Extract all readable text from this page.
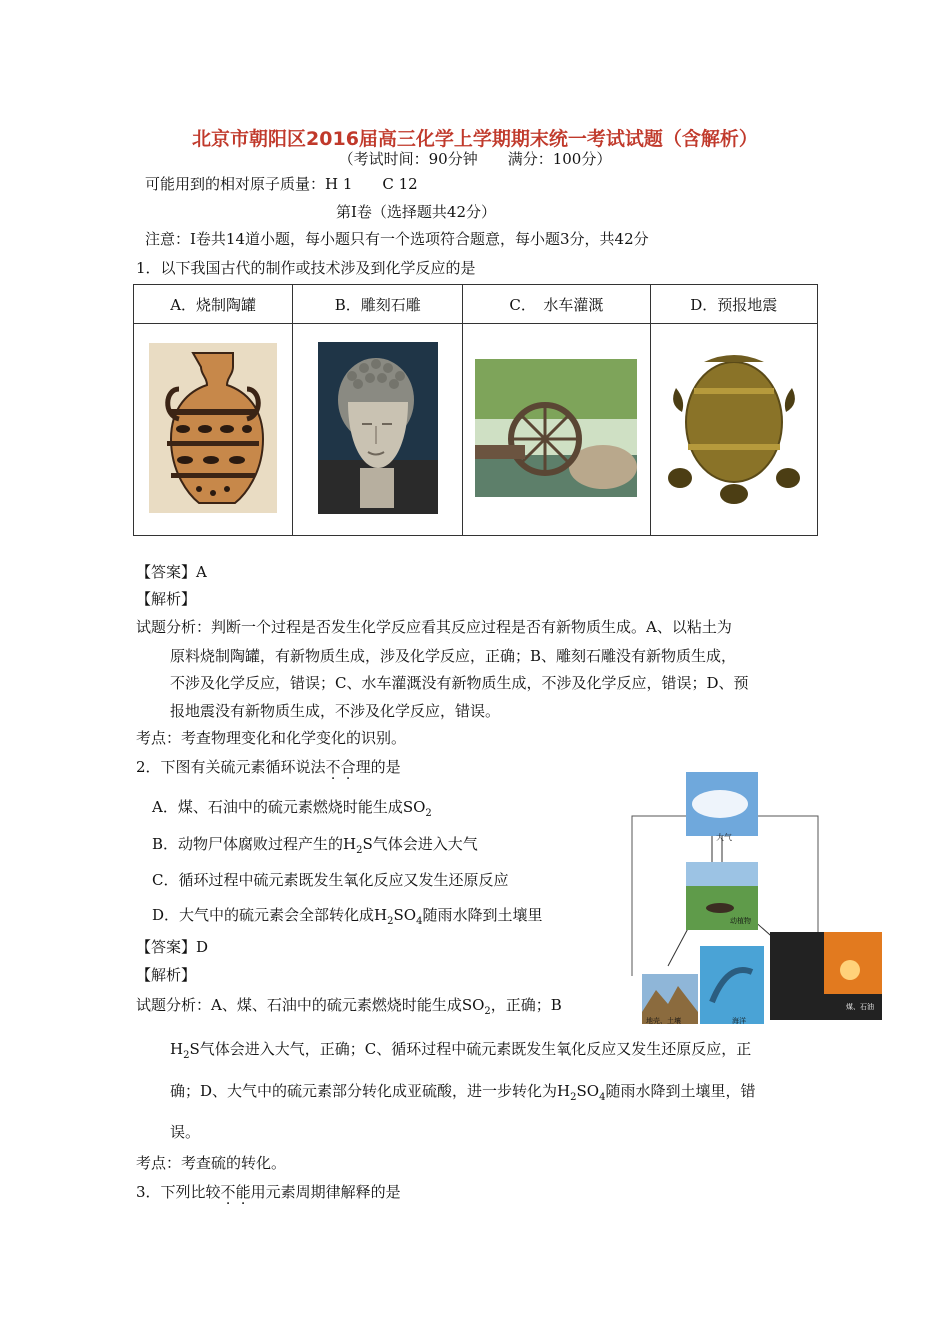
北京市朝阳区2016届高三化学上学期期末统一考试试题（含解析）
（考试时间：90分钟　　满分：100分）
可能用到的相对原子质量：H 1　　C 12
第Ⅰ卷（选择题共42分）
注意：Ⅰ卷共14道小题，每小题只有一个选项符合题意，每小题3分，共42分
1．以下我国古代的制作或技术涉及到化学反应的是
A．烧制陶罐	B．雕刻石雕	C．　水车灌溉	D．预报地震

【答案】A
【解析】
试题分析：判断一个过程是否发生化学反应看其反应过程是否有新物质生成。A、以粘土为
原料烧制陶罐，有新物质生成，涉及化学反应，正确；B、雕刻石雕没有新物质生成，
不涉及化学反应，错误；C、水车灌溉没有新物质生成，不涉及化学反应，错误；D、预
报地震没有新物质生成，不涉及化学反应，错误。
考点：考查物理变化和化学变化的识别。
2．下图有关硫元素循环说法不合理的是
A．煤、石油中的硫元素燃烧时能生成$SO_2$
B．动物尸体腐败过程产生的$H_2S$气体会进入大气
C．循环过程中硫元素既发生氧化反应又发生还原反应
D．大气中的硫元素会全部转化成$H_2SO_4$随雨水降到土壤里
【答案】D
【解析】
试题分析：A、煤、石油中的硫元素燃烧时能生成$SO_2$，正确；B
$H_2S$气体会进入大气，正确；C、循环过程中硫元素既发生氧化反应又发生还原反应，正
确；D、大气中的硫元素部分转化成亚硫酸，进一步转化为$H_2SO_4$随雨水降到土壤里，错
误。
考点：考查硫的转化。
大气
动植物
地壳、土壤	海洋
煤、石油
3．下列比较不能用元素周期律解释的是
